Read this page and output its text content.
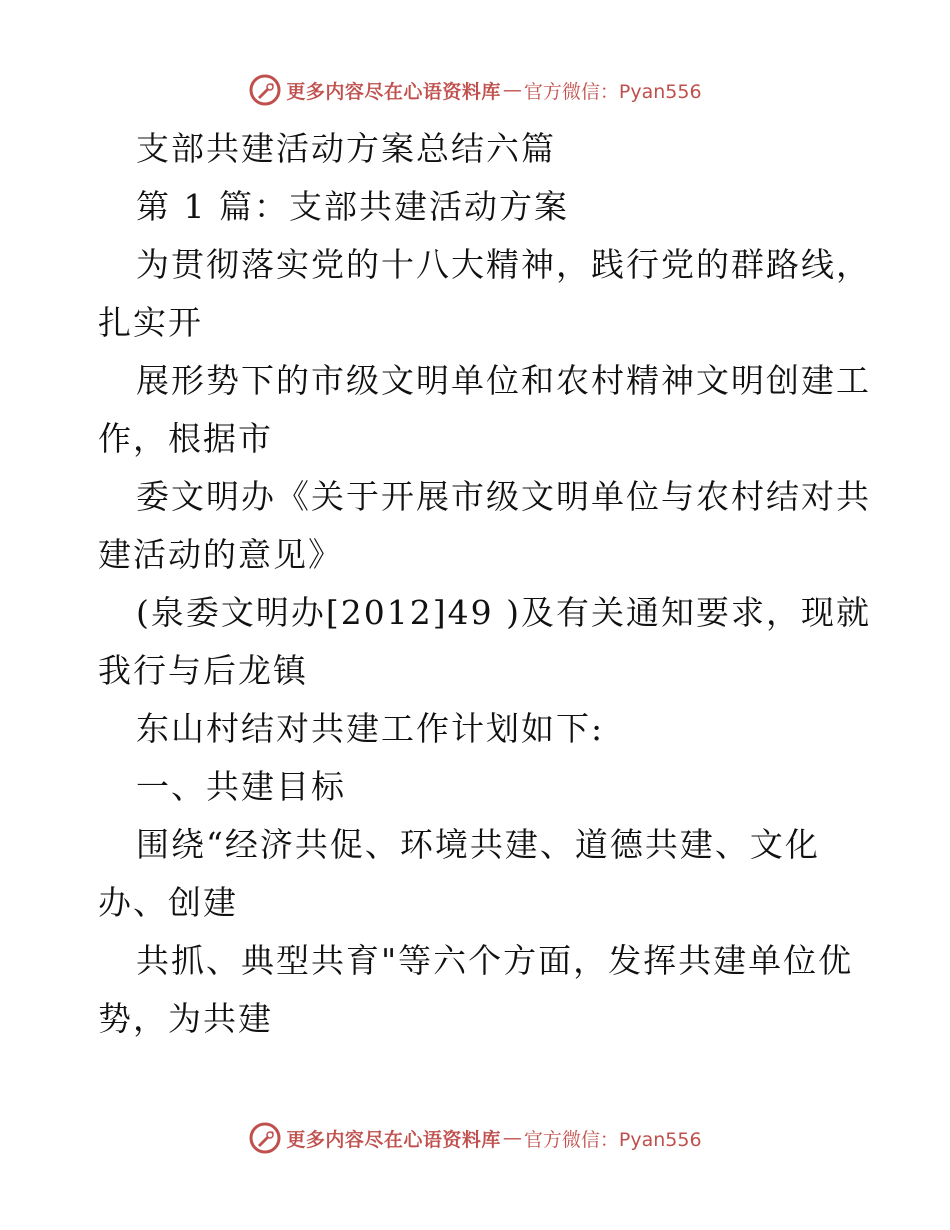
更多内容尽在心语资料库 — 官方微信：Pyan556
支部共建活动方案总结六篇
第 1 篇：支部共建活动方案
为贯彻落实党的十八大精神，践行党的群路线，
扎实开
展形势下的市级文明单位和农村精神文明创建工
作，根据市
委文明办《关于开展市级文明单位与农村结对共
建活动的意见》
(泉委文明办[2012]49 )及有关通知要求，现就
我行与后龙镇
东山村结对共建工作计划如下:
一、共建目标
围绕“经济共促、环境共建、道德共建、文化
办、创建
共抓、典型共育"等六个方面，发挥共建单位优
势，为共建
更多内容尽在心语资料库 — 官方微信：Pyan556
